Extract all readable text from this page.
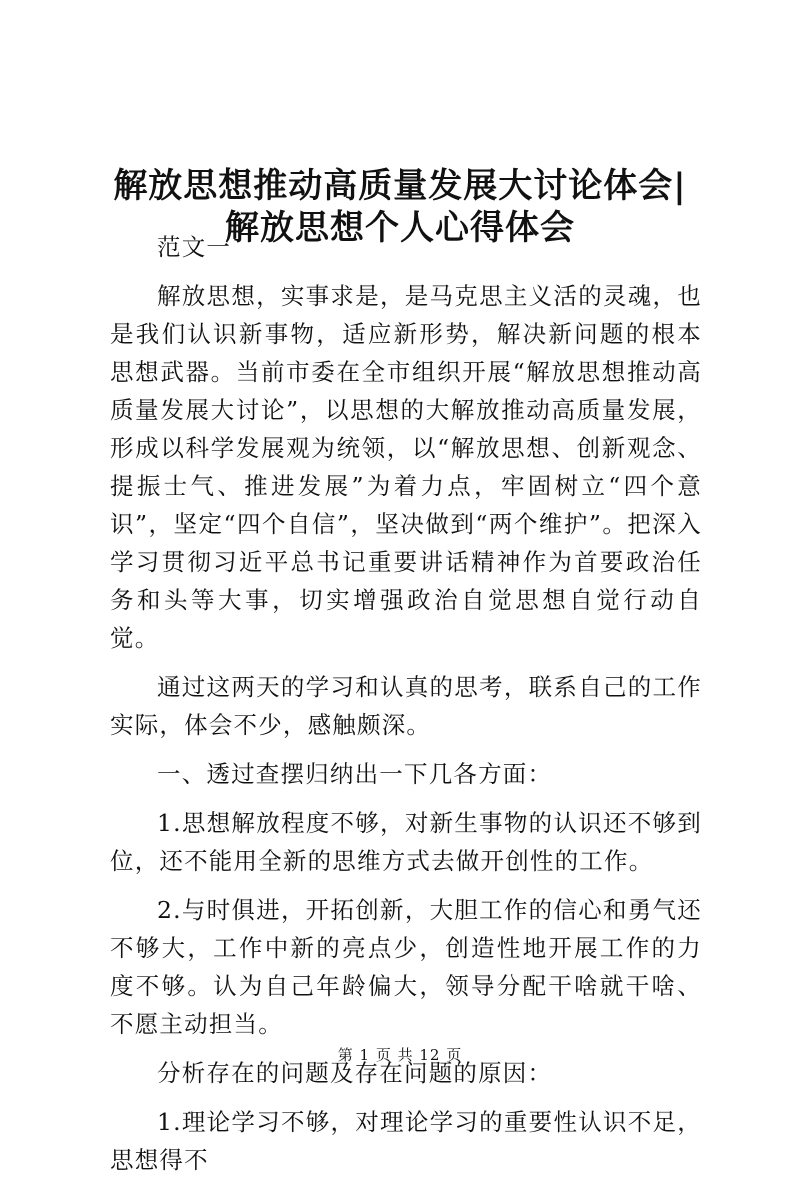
解放思想推动高质量发展大讨论体会|解放思想个人心得体会

范文一

解放思想，实事求是，是马克思主义活的灵魂，也是我们认识新事物，适应新形势，解决新问题的根本思想武器。当前市委在全市组织开展“解放思想推动高质量发展大讨论”，以思想的大解放推动高质量发展，形成以科学发展观为统领，以“解放思想、创新观念、提振士气、推进发展”为着力点，牢固树立“四个意识”，坚定“四个自信”，坚决做到“两个维护”。把深入学习贯彻习近平总书记重要讲话精神作为首要政治任务和头等大事，切实增强政治自觉思想自觉行动自觉。

通过这两天的学习和认真的思考，联系自己的工作实际，体会不少，感触颇深。

一、透过查摆归纳出一下几各方面：

1.思想解放程度不够，对新生事物的认识还不够到位，还不能用全新的思维方式去做开创性的工作。

2.与时俱进，开拓创新，大胆工作的信心和勇气还不够大，工作中新的亮点少，创造性地开展工作的力度不够。认为自己年龄偏大，领导分配干啥就干啥、不愿主动担当。

分析存在的问题及存在问题的原因：

1.理论学习不够，对理论学习的重要性认识不足，思想得不

第 1 页 共 12 页
